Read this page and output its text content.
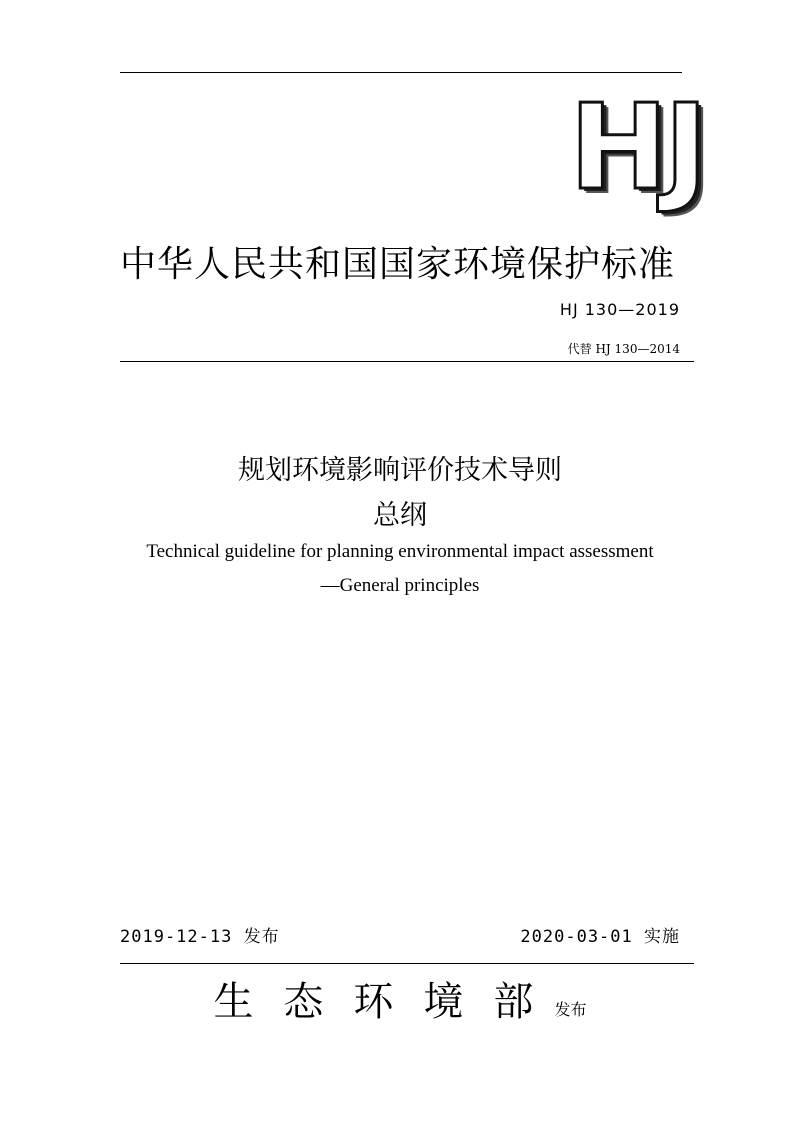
HJ
中华人民共和国国家环境保护标准
HJ 130—2019
代替 HJ 130—2014
规划环境影响评价技术导则
总纲
Technical guideline for planning environmental impact assessment
—General principles
2019-12-13 发布	2020-03-01 实施
生态环境部 发布
